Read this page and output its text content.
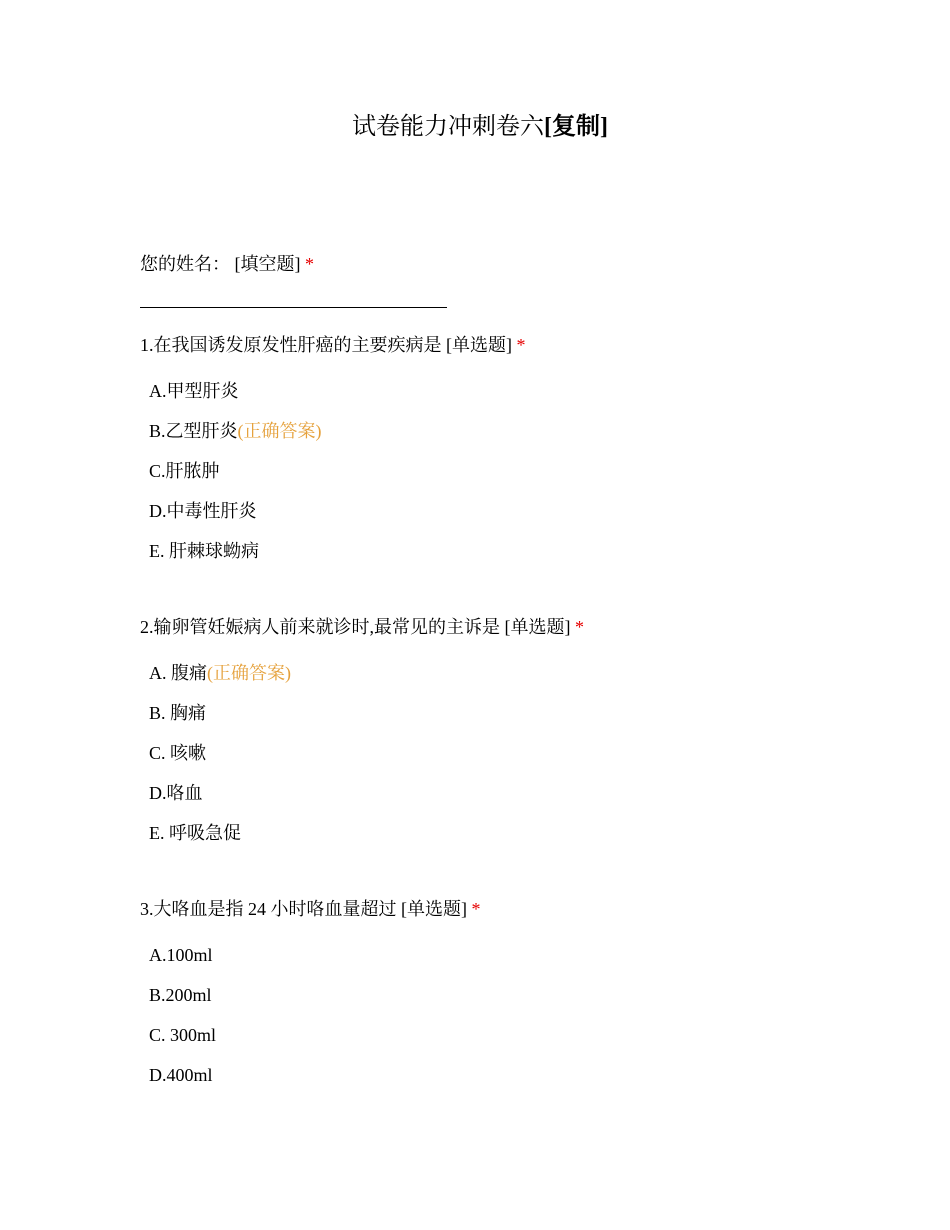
试卷能力冲刺卷六[复制]
您的姓名： [填空题] *
1.在我国诱发原发性肝癌的主要疾病是 [单选题] *
A.甲型肝炎
B.乙型肝炎(正确答案)
C.肝脓肿
D.中毒性肝炎
E. 肝棘球蚴病
2.输卵管妊娠病人前来就诊时,最常见的主诉是 [单选题] *
A. 腹痛(正确答案)
B. 胸痛
C. 咳嗽
D.咯血
E. 呼吸急促
3.大咯血是指 24 小时咯血量超过 [单选题] *
A.100ml
B.200ml
C. 300ml
D.400ml
